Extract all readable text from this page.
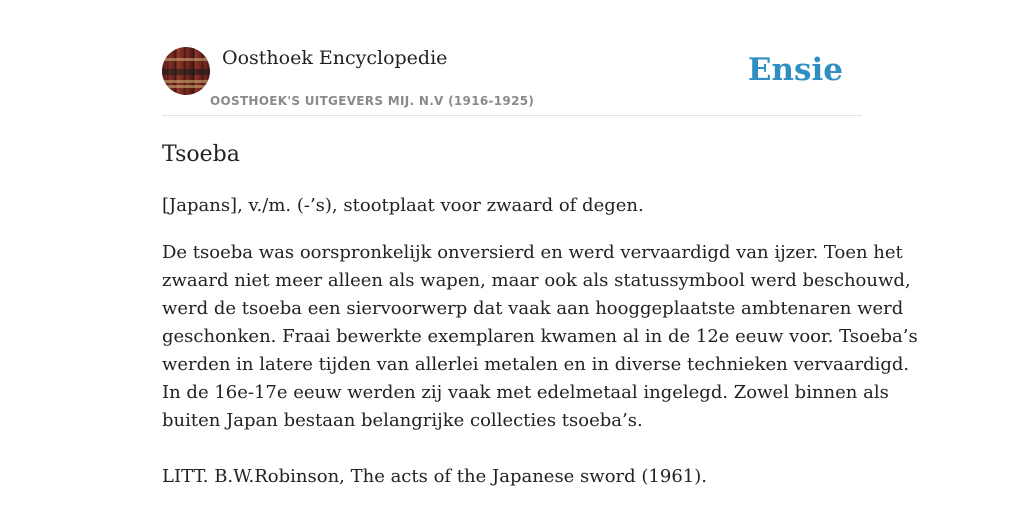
Oosthoek Encyclopedie
OOSTHOEK'S UITGEVERS MIJ. N.V (1916-1925)
Ensie
Tsoeba

[Japans], v./m. (-’s), stootplaat voor zwaard of degen.

De tsoeba was oorspronkelijk onversierd en werd vervaardigd van ijzer. Toen het
zwaard niet meer alleen als wapen, maar ook als statussymbool werd beschouwd,
werd de tsoeba een siervoorwerp dat vaak aan hooggeplaatste ambtenaren werd
geschonken. Fraai bewerkte exemplaren kwamen al in de 12e eeuw voor. Tsoeba’s
werden in latere tijden van allerlei metalen en in diverse technieken vervaardigd.
In de 16e-17e eeuw werden zij vaak met edelmetaal ingelegd. Zowel binnen als
buiten Japan bestaan belangrijke collecties tsoeba’s.

LITT. B.W.Robinson, The acts of the Japanese sword (1961).
